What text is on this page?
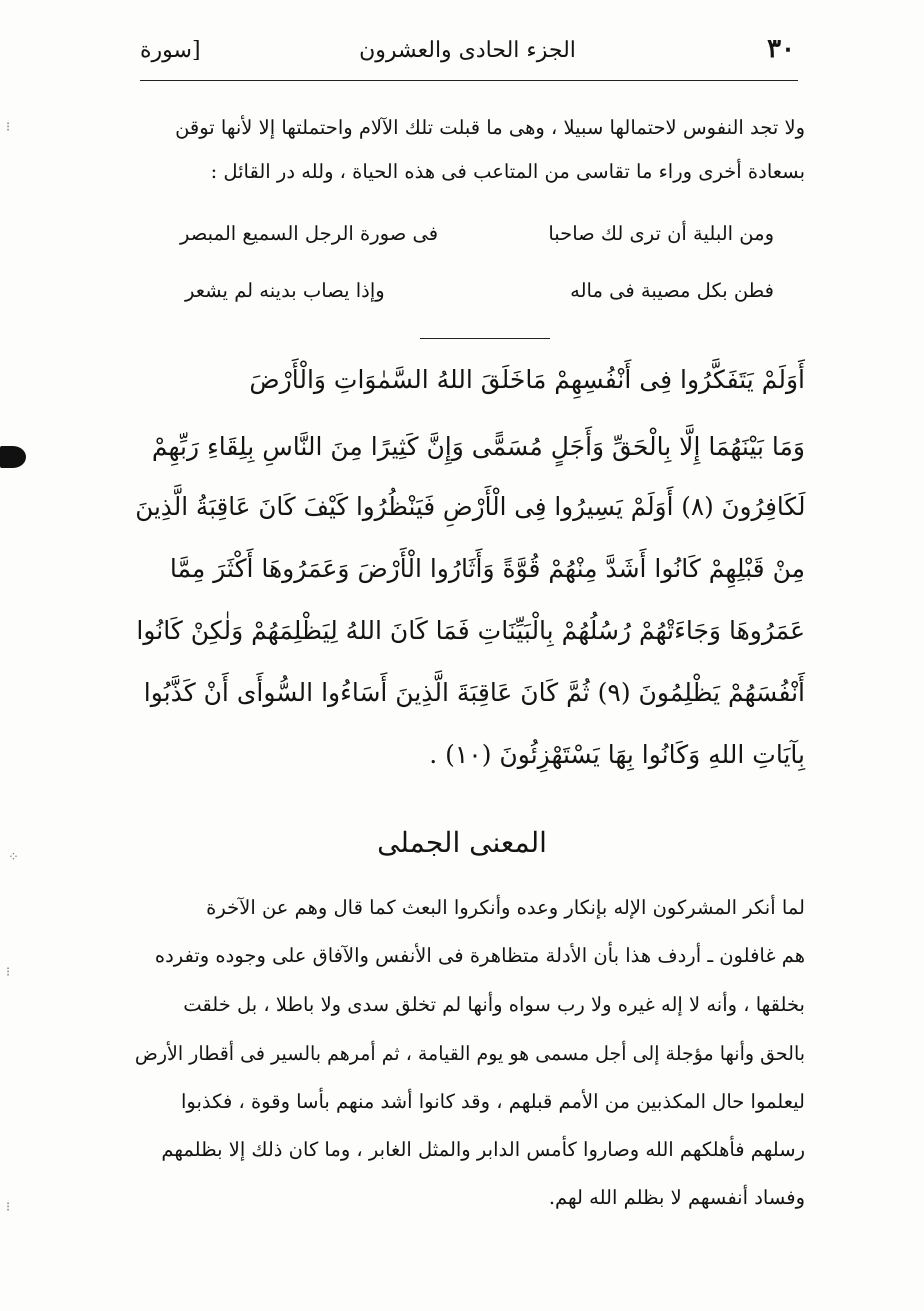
٣٠
الجزء الحادى والعشرون
[سورة
ولا تجد النفوس لاحتمالها سبيلا ، وهى ما قبلت تلك الآلام واحتملتها إلا لأنها توقن
بسعادة أخرى وراء ما تقاسى من المتاعب فى هذه الحياة ، ولله در القائل :
ومن البلية أن ترى لك صاحبا
فى صورة الرجل السميع المبصر
فطن بكل مصيبة فى ماله
وإذا يصاب بدينه لم يشعر
أَوَلَمْ يَتَفَكَّرُوا فِى أَنْفُسِهِمْ مَاخَلَقَ اللهُ السَّمٰوَاتِ وَالْأَرْضَ
وَمَا بَيْنَهُمَا إِلَّا بِالْحَقِّ وَأَجَلٍ مُسَمًّى وَإِنَّ كَثِيرًا مِنَ النَّاسِ بِلِقَاءِ رَبِّهِمْ
لَكَافِرُونَ (٨) أَوَلَمْ يَسِيرُوا فِى الْأَرْضِ فَيَنْظُرُوا كَيْفَ كَانَ عَاقِبَةُ الَّذِينَ
مِنْ قَبْلِهِمْ كَانُوا أَشَدَّ مِنْهُمْ قُوَّةً وَأَثَارُوا الْأَرْضَ وَعَمَرُوهَا أَكْثَرَ مِمَّا
عَمَرُوهَا وَجَاءَتْهُمْ رُسُلُهُمْ بِالْبَيِّنَاتِ فَمَا كَانَ اللهُ لِيَظْلِمَهُمْ وَلٰكِنْ كَانُوا
أَنْفُسَهُمْ يَظْلِمُونَ (٩) ثُمَّ كَانَ عَاقِبَةَ الَّذِينَ أَسَاءُوا السُّوأَى أَنْ كَذَّبُوا
بِآيَاتِ اللهِ وَكَانُوا بِهَا يَسْتَهْزِئُونَ (١٠) .
المعنى الجملى
لما أنكر المشركون الإله بإنكار وعده وأنكروا البعث كما قال وهم عن الآخرة
هم غافلون ـ أردف هذا بأن الأدلة متظاهرة فى الأنفس والآفاق على وجوده وتفرده
بخلقها ، وأنه لا إله غيره ولا رب سواه وأنها لم تخلق سدى ولا باطلا ، بل خلقت
بالحق وأنها مؤجلة إلى أجل مسمى هو يوم القيامة ، ثم أمرهم بالسير فى أقطار الأرض
ليعلموا حال المكذبين من الأمم قبلهم ، وقد كانوا أشد منهم بأسا وقوة ، فكذبوا
رسلهم فأهلكهم الله وصاروا كأمس الدابر والمثل الغابر ، وما كان ذلك إلا بظلمهم
وفساد أنفسهم لا بظلم الله لهم.
⁝
⁘
⁝
⁝
